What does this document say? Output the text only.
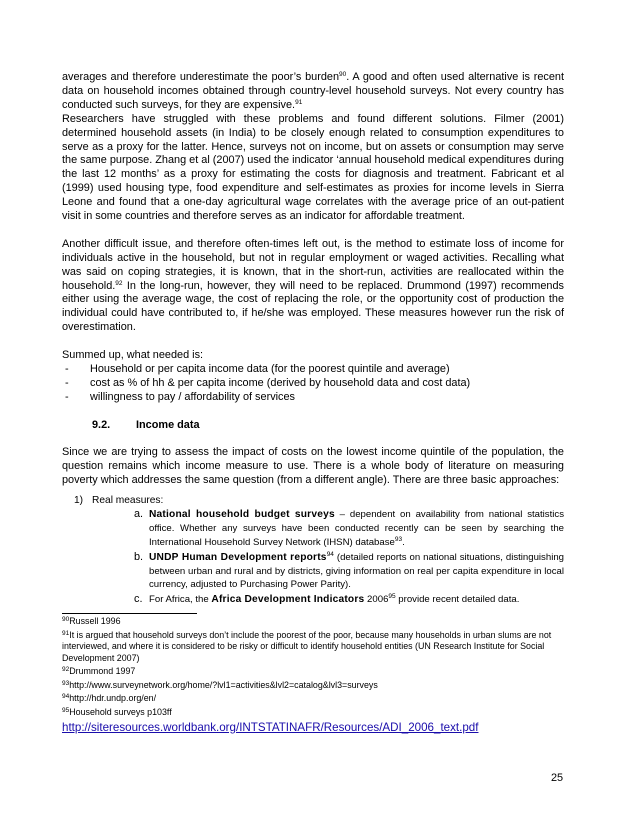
averages and therefore underestimate the poor’s burden$^{90}$. A good and often used alternative is recent data on household incomes obtained through country-level household surveys. Not every country has conducted such surveys, for they are expensive.$^{91}$
Researchers have struggled with these problems and found different solutions. Filmer (2001) determined household assets (in India) to be closely enough related to consumption expenditures to serve as a proxy for the latter. Hence, surveys not on income, but on assets or consumption may serve the same purpose. Zhang et al (2007) used the indicator ‘annual household medical expenditures during the last 12 months’ as a proxy for estimating the costs for diagnosis and treatment. Fabricant et al (1999) used housing type, food expenditure and self-estimates as proxies for income levels in Sierra Leone and found that a one-day agricultural wage correlates with the average price of an out-patient visit in some countries and therefore serves as an indicator for affordable treatment.

Another difficult issue, and therefore often-times left out, is the method to estimate loss of income for individuals active in the household, but not in regular employment or waged activities. Recalling what was said on coping strategies, it is known, that in the short-run, activities are reallocated within the household.$^{92}$ In the long-run, however, they will need to be replaced. Drummond (1997) recommends either using the average wage, the cost of replacing the role, or the opportunity cost of production the individual could have contributed to, if he/she was employed. These measures however run the risk of overestimation.

Summed up, what needed is:

- Household or per capita income data (for the poorest quintile and average)
- cost as % of hh & per capita income (derived by household data and cost data)
- willingness to pay / affordability of services
9.2. Income data

Since we are trying to assess the impact of costs on the lowest income quintile of the population, the question remains which income measure to use. There is a whole body of literature on measuring poverty which addresses the same question (from a different angle). There are three basic approaches:

1) Real measures:
a. National household budget surveys – dependent on availability from national statistics office. Whether any surveys have been conducted recently can be seen by searching the International Household Survey Network (IHSN) database$^{93}$.
b. UNDP Human Development reports$^{94}$ (detailed reports on national situations, distinguishing between urban and rural and by districts, giving information on real per capita expenditure in local currency, adjusted to Purchasing Power Parity).
c. For Africa, the Africa Development Indicators 2006$^{95}$ provide recent detailed data.
$^{90}$Russell 1996
$^{91}$It is argued that household surveys don’t include the poorest of the poor, because many households in urban slums are not interviewed, and where it is considered to be risky or difficult to identify household entities (UN Research Institute for Social Development 2007)
$^{92}$Drummond 1997
$^{93}$http://www.surveynetwork.org/home/?lvl1=activities&lvl2=catalog&lvl3=surveys
$^{94}$http://hdr.undp.org/en/
$^{95}$Household surveys p103ff
http://siteresources.worldbank.org/INTSTATINAFR/Resources/ADI_2006_text.pdf
25
